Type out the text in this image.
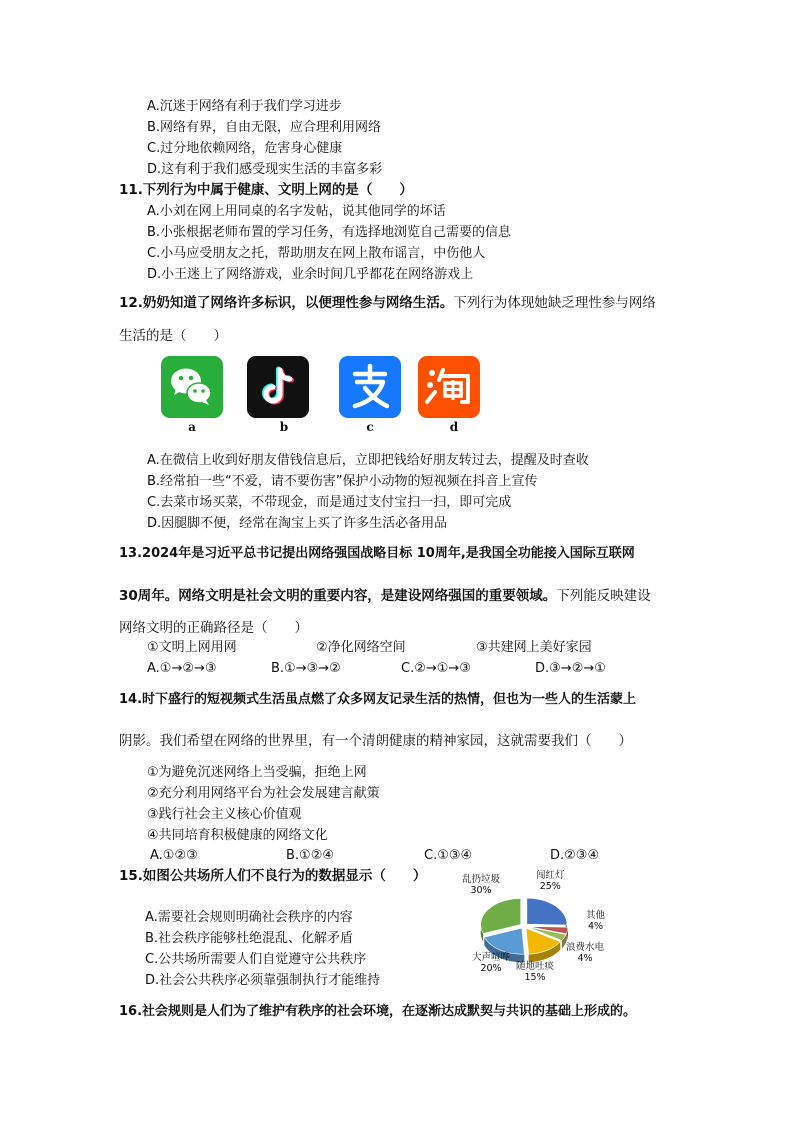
A.沉迷于网络有利于我们学习进步
B.网络有界，自由无限，应合理利用网络
C.过分地依赖网络，危害身心健康
D.这有利于我们感受现实生活的丰富多彩
11.下列行为中属于健康、文明上网的是（　　）
A.小刘在网上用同桌的名字发帖，说其他同学的坏话
B.小张根据老师布置的学习任务，有选择地浏览自己需要的信息
C.小马应受朋友之托，帮助朋友在网上散布谣言，中伤他人
D.小王迷上了网络游戏，业余时间几乎都花在网络游戏上
12.奶奶知道了网络许多标识，以便理性参与网络生活。下列行为体现她缺乏理性参与网络
生活的是（　　）
a	b	c	d
A.在微信上收到好朋友借钱信息后，立即把钱给好朋友转过去，提醒及时查收
B.经常拍一些“不爱，请不要伤害”保护小动物的短视频在抖音上宣传
C.去菜市场买菜，不带现金，而是通过支付宝扫一扫，即可完成
D.因腿脚不便，经常在淘宝上买了许多生活必备用品
13.2024年是习近平总书记提出网络强国战略目标 10周年,是我国全功能接入国际互联网
30周年。网络文明是社会文明的重要内容，是建设网络强国的重要领域。下列能反映建设
网络文明的正确路径是（　　）
①文明上网用网	②净化网络空间	③共建网上美好家园
A.①→②→③	B.①→③→②	C.②→①→③	D.③→②→①
14.时下盛行的短视频式生活虽点燃了众多网友记录生活的热情，但也为一些人的生活蒙上
阴影。我们希望在网络的世界里，有一个清朗健康的精神家园，这就需要我们（　　）
①为避免沉迷网络上当受骗，拒绝上网
②充分利用网络平台为社会发展建言献策
③践行社会主义核心价值观
④共同培育积极健康的网络文化
A.①②③	B.①②④	C.①③④	D.②③④
15.如图公共场所人们不良行为的数据显示（　　）
A.需要社会规则明确社会秩序的内容
B.社会秩序能够杜绝混乱、化解矛盾
C.公共场所需要人们自觉遵守公共秩序
D.社会公共秩序必须靠强制执行才能维持
乱扔垃圾
30%
闯红灯
25%
其他
4%
浪费水电
4%
随地吐痰
15%
大声喧哗
20%
16.社会规则是人们为了维护有秩序的社会环境，在逐渐达成默契与共识的基础上形成的。
